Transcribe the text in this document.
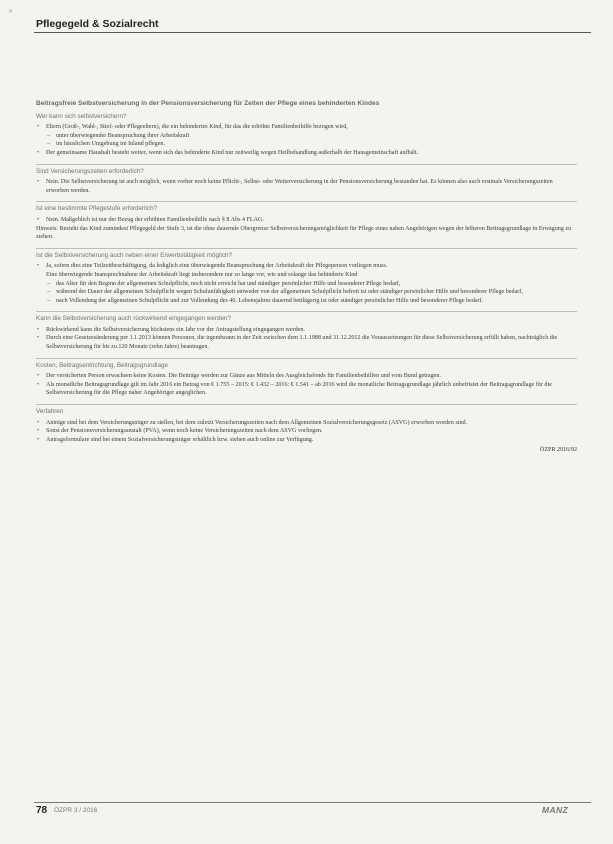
✕
Pflegegeld & Sozialrecht
Beitragsfreie Selbstversicherung in der Pensionsversicherung für Zeiten der Pflege eines behinderten Kindes
Wer kann sich selbstversichern?
• Eltern (Groß-, Wahl-, Stief- oder Pflegeeltern), die ein behindertes Kind, für das die erhöhte Familienbeihilfe bezogen wird,
– unter überwiegender Beanspruchung ihrer Arbeitskraft
– im häuslichen Umgebung im Inland pflegen.
• Der gemeinsame Haushalt besteht weiter, wenn sich das behinderte Kind nur zeitweilig wegen Heilbehandlung außerhalb der Hausgemeinschaft aufhält.
Sind Versicherungszeiten erforderlich?
• Nein. Die Selbstversicherung ist auch möglich, wenn vorher noch keine Pflicht-, Selbst- oder Weiterversicherung in der Pensionsversicherung bestanden hat. Es können also auch erstmals Versicherungszeiten erworben werden.
Ist eine bestimmte Pflegestufe erforderlich?
• Nein. Maßgeblich ist nur der Bezug der erhöhten Familienbeihilfe nach § 8 Abs 4 FLAG.

Hinweis: Bezieht das Kind zumindest Pflegegeld der Stufe 3, ist die ohne dauernde Obergrenze Selbstversicherungsmöglichkeit für Pflege eines nahen Angehörigen wegen der höheren Beitragsgrundlage in Erwägung zu ziehen.

Ist die Selbstversicherung auch neben einer Erwerbstätigkeit möglich?
• Ja, sofern dies eine Teilzeitbeschäftigung, da lediglich eine überwiegende Beanspruchung der Arbeitskraft der Pflegeperson vorliegen muss.

Eine überwiegende Inanspruchnahme der Arbeitskraft liegt insbesondere nur so lange vor, wie und solange das behinderte Kind

– das Alter für den Beginn der allgemeinen Schulpflicht, noch nicht erreicht hat und ständiger persönlicher Hilfe und besonderer Pflege bedarf,
– während der Dauer der allgemeinen Schulpflicht wegen Schulunfähigkeit entweder von der allgemeinen Schulpflicht befreit ist oder ständiger persönlicher Hilfe und besonderer Pflege bedarf,
– nach Vollendung der allgemeinen Schulpflicht und zur Vollendung des 40. Lebensjahres dauernd bettlägerig ist oder ständiger persönlicher Hilfe und besonderer Pflege bedarf.
Kann die Selbstversicherung auch rückwirkend eingegangen werden?
• Rückwirkend kann die Selbstversicherung höchstens ein Jahr vor der Antragstellung eingegangen werden.
• Durch eine Gesetzesänderung per 1.1.2013 können Personen, die irgendwann in der Zeit zwischen dem 1.1.1988 und 31.12.2012 die Voraussetzungen für diese Selbstversicherung erfüllt haben, nachträglich die Selbstversicherung für bis zu 120 Monate (zehn Jahre) beantragen.
Kosten, Beitragsentrichtung, Beitragsgrundlage
• Der versicherten Person erwachsen keine Kosten. Die Beiträge werden zur Gänze aus Mitteln des Ausgleichsfonds für Familienbeihilfen und vom Bund getragen.
• Als monatliche Beitragsgrundlage gilt im Jahr 2016 ein Betrag von € 1.755 – 2015: € 1.432 – 2016: € 1.541 – ab 2016 wird die monatliche Beitragsgrundlage jährlich unbefristet der Beitragsgrundlage für die Selbstversicherung für die Pflege naher Angehöriger angeglichen.
Verfahren
• Anträge sind bei dem Versicherungsträger zu stellen, bei dem zuletzt Versicherungszeiten nach dem Allgemeinen Sozialversicherungsgesetz (ASVG) erworben worden sind.
• Sonst der Pensionsversicherungsanstalt (PVA), wenn noch keine Versicherungszeiten nach dem ASVG vorliegen.
• Antragsformulare sind bei einem Sozialversicherungsträger erhältlich bzw. stehen auch online zur Verfügung.
ÖZPR 2016/92
78 ÖZPR 3 / 2016	MANZ
